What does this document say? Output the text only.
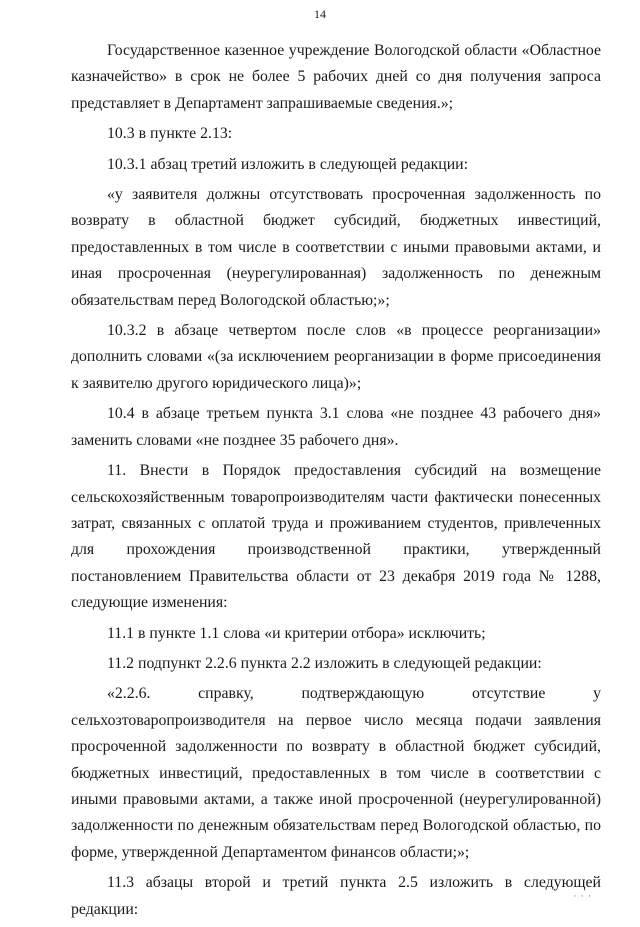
14

Государственное казенное учреждение Вологодской области «Областное казначейство» в срок не более 5 рабочих дней со дня получения запроса представляет в Департамент запрашиваемые сведения.»;

10.3 в пункте 2.13:

10.3.1 абзац третий изложить в следующей редакции:

«у заявителя должны отсутствовать просроченная задолженность по возврату в областной бюджет субсидий, бюджетных инвестиций, предоставленных в том числе в соответствии с иными правовыми актами, и иная просроченная (неурегулированная) задолженность по денежным обязательствам перед Вологодской областью;»;

10.3.2 в абзаце четвертом после слов «в процессе реорганизации» дополнить словами «(за исключением реорганизации в форме присоединения к заявителю другого юридического лица)»;

10.4 в абзаце третьем пункта 3.1 слова «не позднее 43 рабочего дня» заменить словами «не позднее 35 рабочего дня».

11. Внести в Порядок предоставления субсидий на возмещение сельскохозяйственным товаропроизводителям части фактически понесенных затрат, связанных с оплатой труда и проживанием студентов, привлеченных для прохождения производственной практики, утвержденный постановлением Правительства области от 23 декабря 2019 года № 1288, следующие изменения:

11.1 в пункте 1.1 слова «и критерии отбора» исключить;

11.2 подпункт 2.2.6 пункта 2.2 изложить в следующей редакции:

«2.2.6. справку, подтверждающую отсутствие у сельхозтоваропроизводителя на первое число месяца подачи заявления просроченной задолженности по возврату в областной бюджет субсидий, бюджетных инвестиций, предоставленных в том числе в соответствии с иными правовыми актами, а также иной просроченной (неурегулированной) задолженности по денежным обязательствам перед Вологодской областью, по форме, утвержденной Департаментом финансов области;»;

11.3 абзацы второй и третий пункта 2.5 изложить в следующей редакции:

· · ·
